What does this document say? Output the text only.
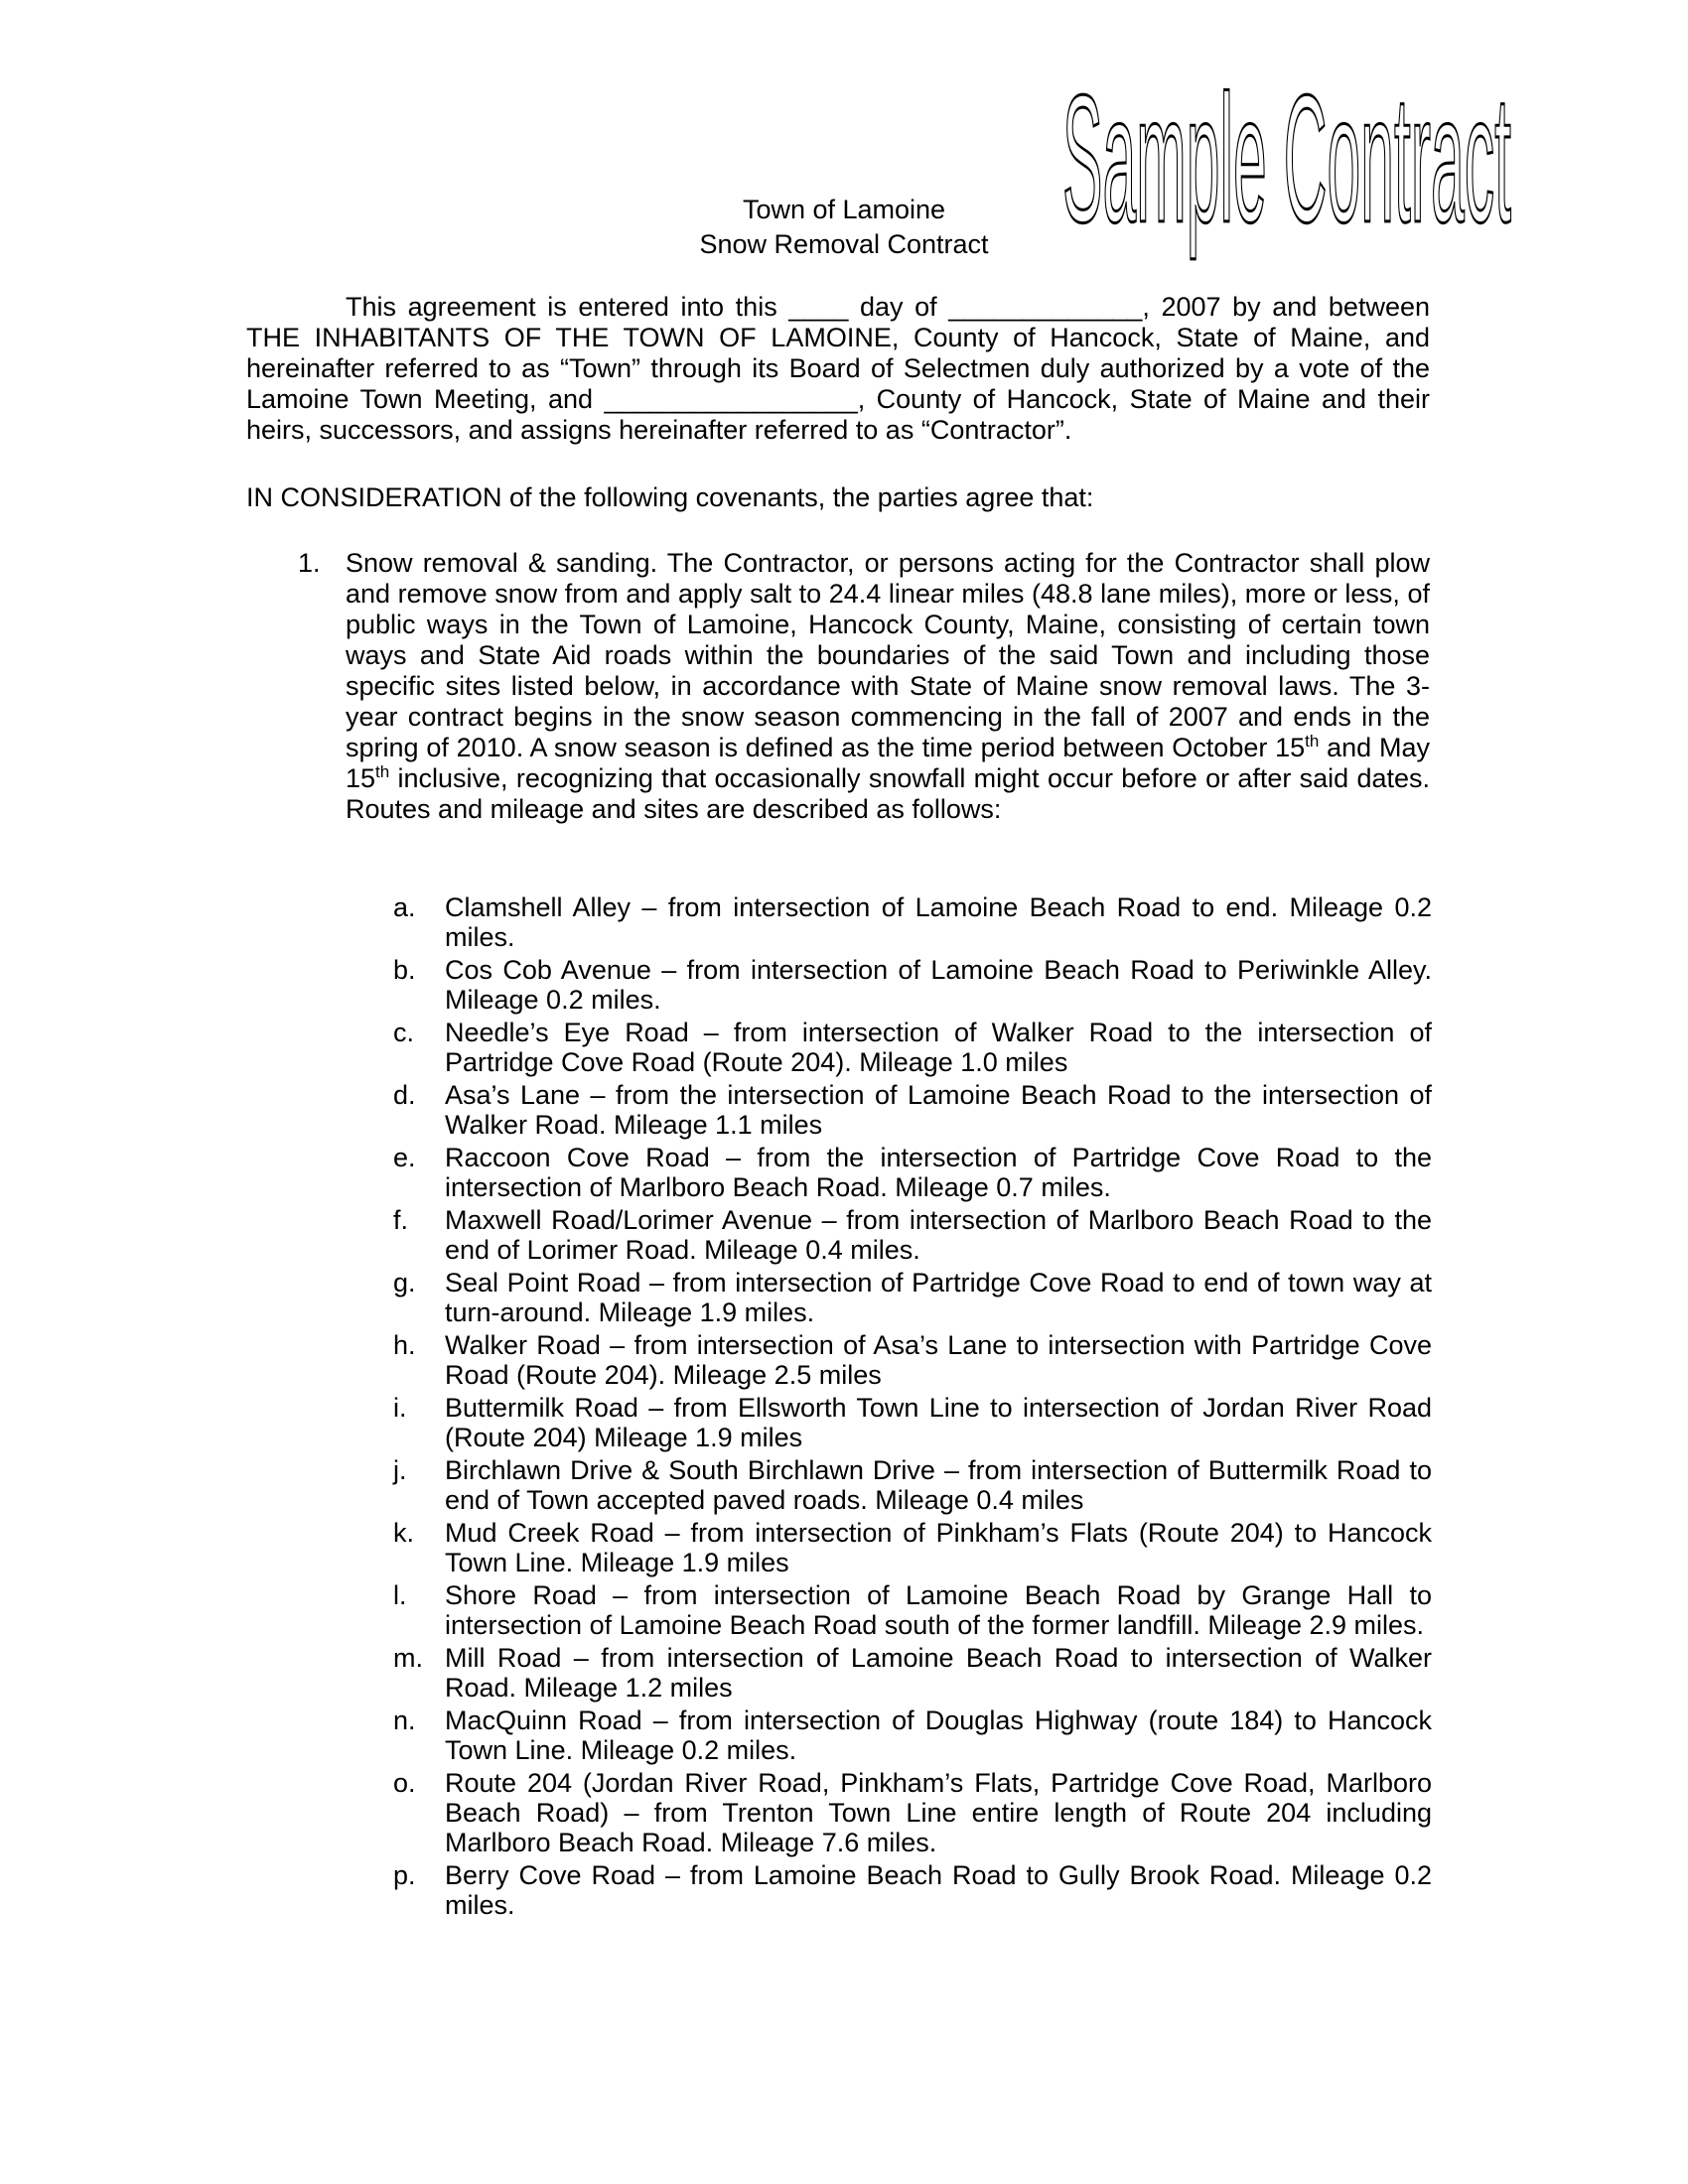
Sample Contract
Town of Lamoine
Snow Removal Contract

This agreement is entered into this ____ day of _____________, 2007 by and between THE INHABITANTS OF THE TOWN OF LAMOINE, County of Hancock, State of Maine, and hereinafter referred to as “Town” through its Board of Selectmen duly authorized by a vote of the Lamoine Town Meeting, and _________________, County of Hancock, State of Maine and their heirs, successors, and assigns hereinafter referred to as “Contractor”.

IN CONSIDERATION of the following covenants, the parties agree that:

1. Snow removal & sanding. The Contractor, or persons acting for the Contractor shall plow and remove snow from and apply salt to 24.4 linear miles (48.8 lane miles), more or less, of public ways in the Town of Lamoine, Hancock County, Maine, consisting of certain town ways and State Aid roads within the boundaries of the said Town and including those specific sites listed below, in accordance with State of Maine snow removal laws. The 3-year contract begins in the snow season commencing in the fall of 2007 and ends in the spring of 2010. A snow season is defined as the time period between October 15th and May 15th inclusive, recognizing that occasionally snowfall might occur before or after said dates. Routes and mileage and sites are described as follows:

a. Clamshell Alley – from intersection of Lamoine Beach Road to end. Mileage 0.2 miles.

b. Cos Cob Avenue – from intersection of Lamoine Beach Road to Periwinkle Alley. Mileage 0.2 miles.

c. Needle’s Eye Road – from intersection of Walker Road to the intersection of Partridge Cove Road (Route 204). Mileage 1.0 miles

d. Asa’s Lane – from the intersection of Lamoine Beach Road to the intersection of Walker Road. Mileage 1.1 miles

e. Raccoon Cove Road – from the intersection of Partridge Cove Road to the intersection of Marlboro Beach Road. Mileage 0.7 miles.

f. Maxwell Road/Lorimer Avenue – from intersection of Marlboro Beach Road to the end of Lorimer Road. Mileage 0.4 miles.

g. Seal Point Road – from intersection of Partridge Cove Road to end of town way at turn-around. Mileage 1.9 miles.

h. Walker Road – from intersection of Asa’s Lane to intersection with Partridge Cove Road (Route 204). Mileage 2.5 miles

i. Buttermilk Road – from Ellsworth Town Line to intersection of Jordan River Road (Route 204) Mileage 1.9 miles

j. Birchlawn Drive & South Birchlawn Drive – from intersection of Buttermilk Road to end of Town accepted paved roads. Mileage 0.4 miles

k. Mud Creek Road – from intersection of Pinkham’s Flats (Route 204) to Hancock Town Line. Mileage 1.9 miles

l. Shore Road – from intersection of Lamoine Beach Road by Grange Hall to intersection of Lamoine Beach Road south of the former landfill. Mileage 2.9 miles.

m. Mill Road – from intersection of Lamoine Beach Road to intersection of Walker Road. Mileage 1.2 miles

n. MacQuinn Road – from intersection of Douglas Highway (route 184) to Hancock Town Line. Mileage 0.2 miles.

o. Route 204 (Jordan River Road, Pinkham’s Flats, Partridge Cove Road, Marlboro Beach Road) – from Trenton Town Line entire length of Route 204 including Marlboro Beach Road. Mileage 7.6 miles.

p. Berry Cove Road – from Lamoine Beach Road to Gully Brook Road. Mileage 0.2 miles.
